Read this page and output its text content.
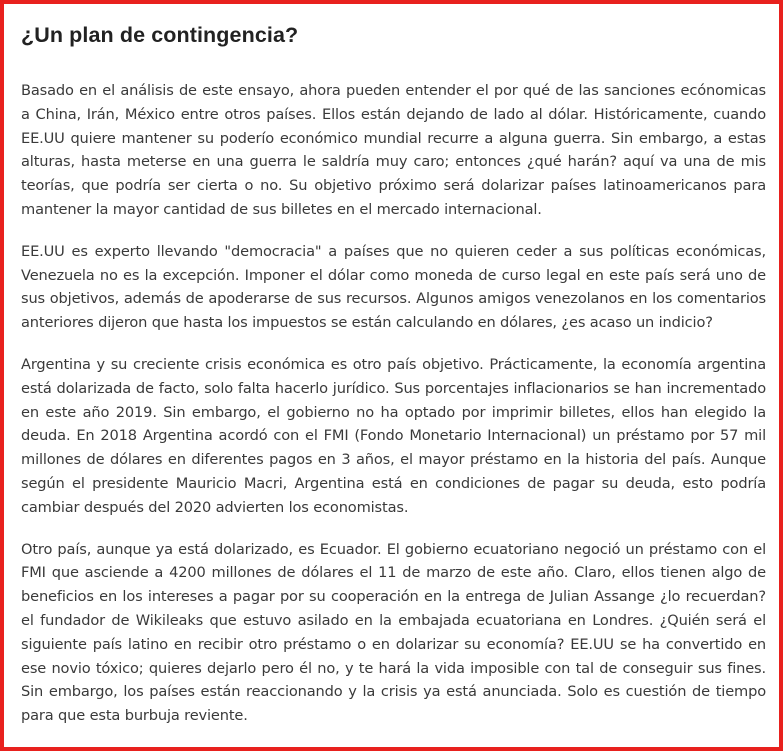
¿Un plan de contingencia?

Basado en el análisis de este ensayo, ahora pueden entender el por qué de las sanciones ecónomicas a China, Irán, México entre otros países. Ellos están dejando de lado al dólar. Históricamente, cuando EE.UU quiere mantener su poderío económico mundial recurre a alguna guerra. Sin embargo, a estas alturas, hasta meterse en una guerra le saldría muy caro; entonces ¿qué harán? aquí va una de mis teorías, que podría ser cierta o no. Su objetivo próximo será dolarizar países latinoamericanos para mantener la mayor cantidad de sus billetes en el mercado internacional.

EE.UU es experto llevando "democracia" a países que no quieren ceder a sus políticas económicas, Venezuela no es la excepción. Imponer el dólar como moneda de curso legal en este país será uno de sus objetivos, además de apoderarse de sus recursos. Algunos amigos venezolanos en los comentarios anteriores dijeron que hasta los impuestos se están calculando en dólares, ¿es acaso un indicio?

Argentina y su creciente crisis económica es otro país objetivo. Prácticamente, la economía argentina está dolarizada de facto, solo falta hacerlo jurídico. Sus porcentajes inflacionarios se han incrementado en este año 2019. Sin embargo, el gobierno no ha optado por imprimir billetes, ellos han elegido la deuda. En 2018 Argentina acordó con el FMI (Fondo Monetario Internacional) un préstamo por 57 mil millones de dólares en diferentes pagos en 3 años, el mayor préstamo en la historia del país. Aunque según el presidente Mauricio Macri, Argentina está en condiciones de pagar su deuda, esto podría cambiar después del 2020 advierten los economistas.

Otro país, aunque ya está dolarizado, es Ecuador. El gobierno ecuatoriano negoció un préstamo con el FMI que asciende a 4200 millones de dólares el 11 de marzo de este año. Claro, ellos tienen algo de beneficios en los intereses a pagar por su cooperación en la entrega de Julian Assange ¿lo recuerdan? el fundador de Wikileaks que estuvo asilado en la embajada ecuatoriana en Londres. ¿Quién será el siguiente país latino en recibir otro préstamo o en dolarizar su economía? EE.UU se ha convertido en ese novio tóxico; quieres dejarlo pero él no, y te hará la vida imposible con tal de conseguir sus fines. Sin embargo, los países están reaccionando y la crisis ya está anunciada. Solo es cuestión de tiempo para que esta burbuja reviente.
